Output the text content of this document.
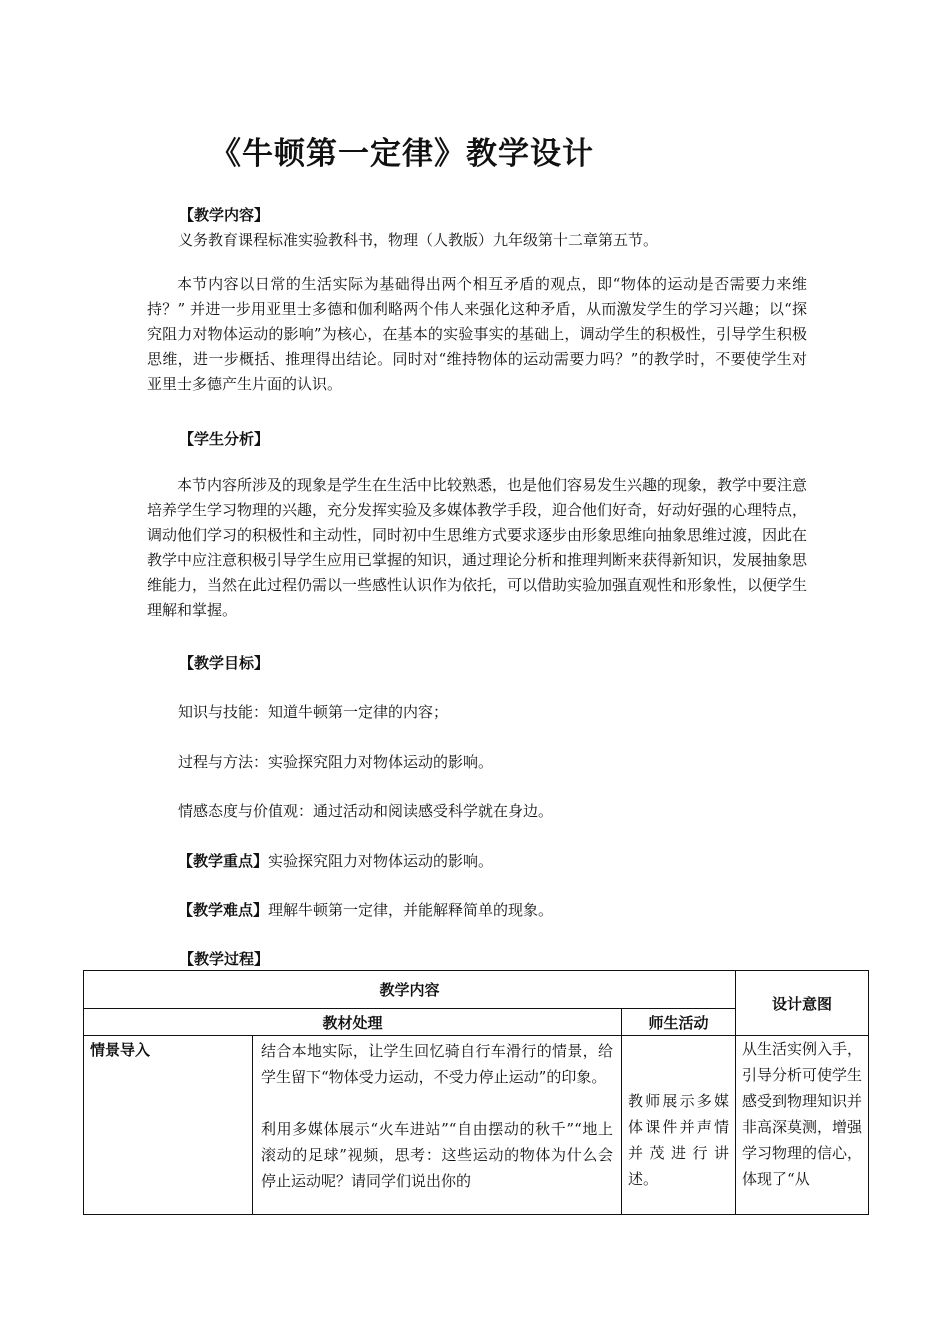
《牛顿第一定律》教学设计
【教学内容】
义务教育课程标准实验教科书，物理（人教版）九年级第十二章第五节。
本节内容以日常的生活实际为基础得出两个相互矛盾的观点，即“物体的运动是否需要力来维持？” 并进一步用亚里士多德和伽利略两个伟人来强化这种矛盾，从而激发学生的学习兴趣；以“探究阻力对物体运动的影响”为核心，在基本的实验事实的基础上，调动学生的积极性，引导学生积极思维，进一步概括、推理得出结论。同时对“维持物体的运动需要力吗？”的教学时，不要使学生对亚里士多德产生片面的认识。
【学生分析】
本节内容所涉及的现象是学生在生活中比较熟悉，也是他们容易发生兴趣的现象，教学中要注意培养学生学习物理的兴趣，充分发挥实验及多媒体教学手段，迎合他们好奇，好动好强的心理特点，调动他们学习的积极性和主动性，同时初中生思维方式要求逐步由形象思维向抽象思维过渡，因此在教学中应注意积极引导学生应用已掌握的知识，通过理论分析和推理判断来获得新知识，发展抽象思维能力，当然在此过程仍需以一些感性认识作为依托，可以借助实验加强直观性和形象性，以便学生理解和掌握。
【教学目标】
知识与技能：知道牛顿第一定律的内容；
过程与方法：实验探究阻力对物体运动的影响。
情感态度与价值观：通过活动和阅读感受科学就在身边。
【教学重点】实验探究阻力对物体运动的影响。
【教学难点】理解牛顿第一定律，并能解释简单的现象。
【教学过程】
教学内容			设计意图
教材处理		师生活动	
情景导入	结合本地实际，让学生回忆骑自行车滑行的情景，给学生留下“物体受力运动，不受力停止运动”的印象。

利用多媒体展示“火车进站”“自由摆动的秋千”“地上滚动的足球”视频，思考：这些运动的物体为什么会停止运动呢？请同学们说出你的	教师展示多媒体课件并声情并茂进行讲述。	从生活实例入手，引导分析可使学生感受到物理知识并非高深莫测，增强学习物理的信心，体现了“从
